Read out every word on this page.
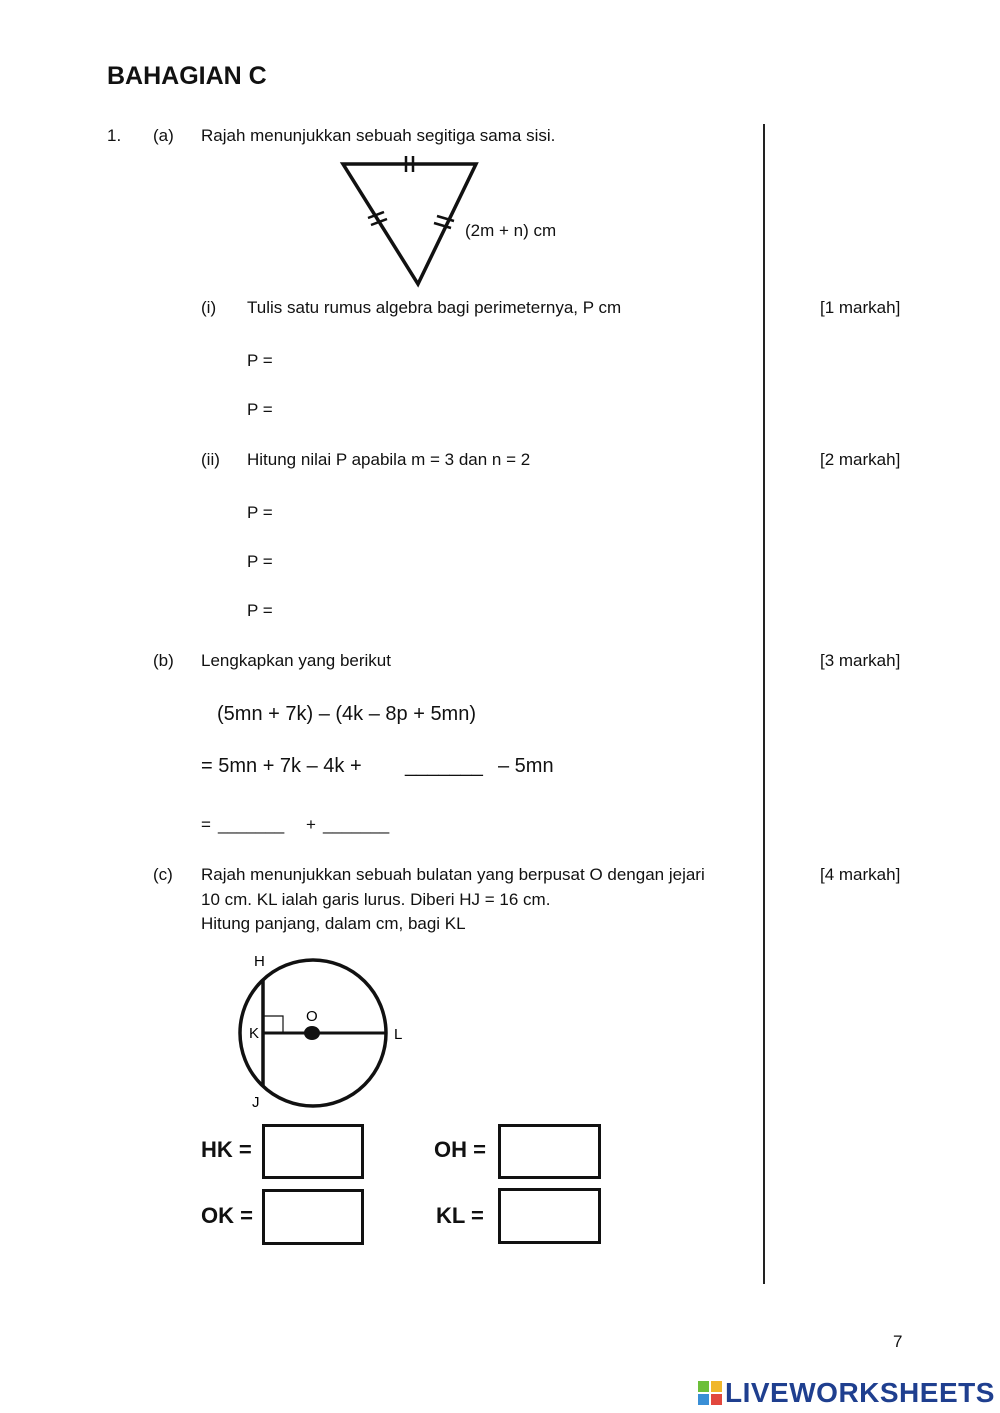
BAHAGIAN C
1. (a) Rajah menunjukkan sebuah segitiga sama sisi.
(2m + n) cm
(i) Tulis satu rumus algebra bagi perimeternya, P cm	[1 markah]
P =
P =
(ii) Hitung nilai P apabila m = 3 dan n = 2	[2 markah]
P =
P =
P =
(b) Lengkapkan yang berikut	[3 markah]
(5mn + 7k) – (4k – 8p + 5mn)
= 5mn + 7k – 4k + _______ – 5mn
= _______ + _______
(c) Rajah menunjukkan sebuah bulatan yang berpusat O dengan jejari
10 cm. KL ialah garis lurus. Diberi HJ = 16 cm.
Hitung panjang, dalam cm, bagi KL
[4 markah]
H
O
K	L
J
HK =	OH =
OK =	KL =
7
LIVEWORKSHEETS
